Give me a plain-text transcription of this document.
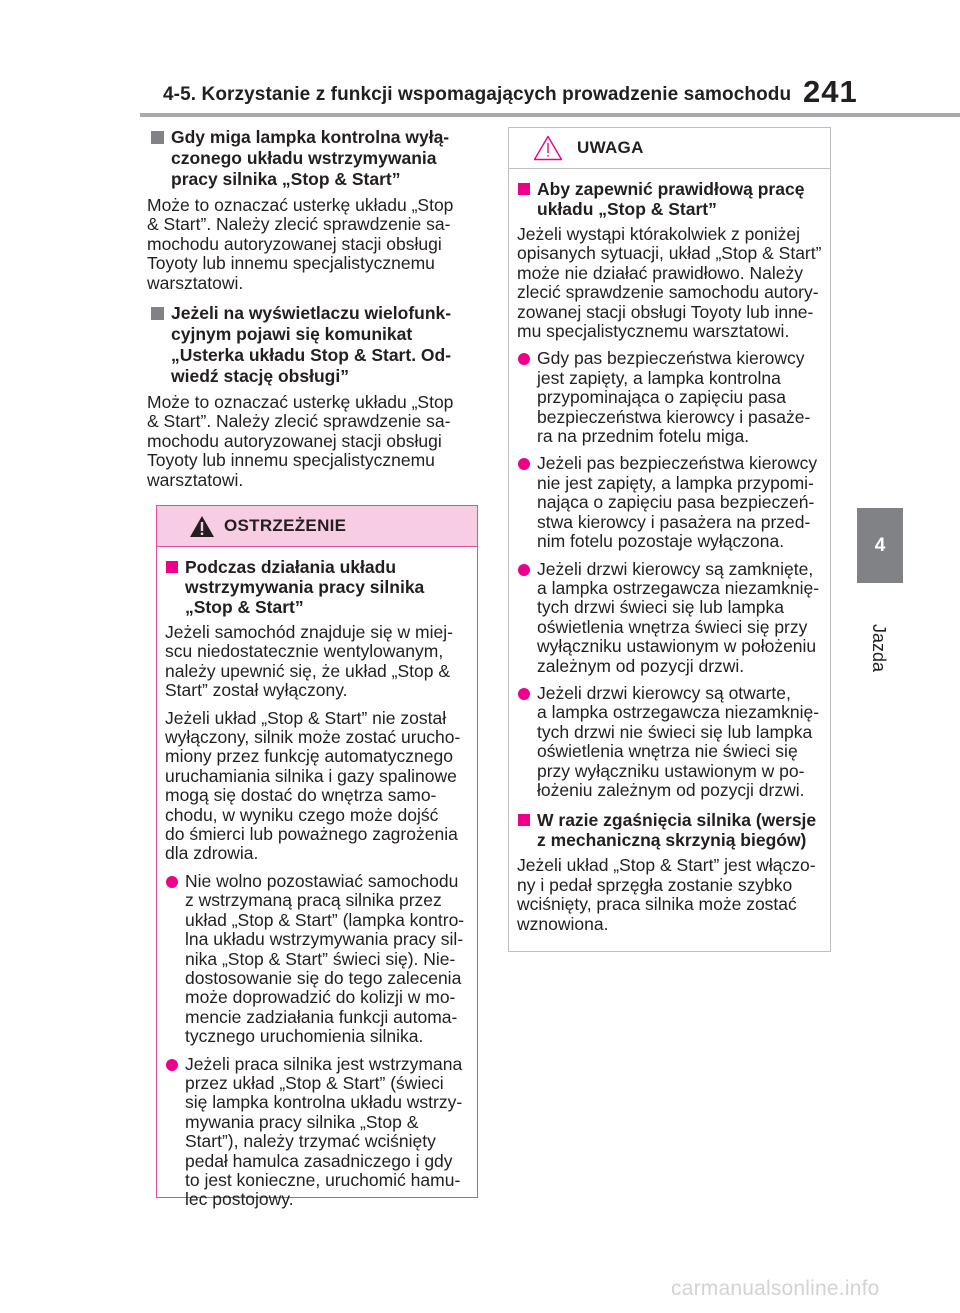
4-5. Korzystanie z funkcji wspomagających prowadzenie samochodu 241
4
Jazda
Gdy miga lampka kontrolna wyłą-
czonego układu wstrzymywania
pracy silnika „Stop & Start”

Może to oznaczać usterkę układu „Stop
& Start”. Należy zlecić sprawdzenie sa-
mochodu autoryzowanej stacji obsługi
Toyoty lub innemu specjalistycznemu
warsztatowi.

Jeżeli na wyświetlaczu wielofunk-
cyjnym pojawi się komunikat
„Usterka układu Stop & Start. Od-
wiedź stację obsługi”

Może to oznaczać usterkę układu „Stop
& Start”. Należy zlecić sprawdzenie sa-
mochodu autoryzowanej stacji obsługi
Toyoty lub innemu specjalistycznemu
warsztatowi.

OSTRZEŻENIE
Podczas działania układu
wstrzymywania pracy silnika
„Stop & Start”

Jeżeli samochód znajduje się w miej-
scu niedostatecznie wentylowanym,
należy upewnić się, że układ „Stop &
Start” został wyłączony.

Jeżeli układ „Stop & Start” nie został
wyłączony, silnik może zostać urucho-
miony przez funkcję automatycznego
uruchamiania silnika i gazy spalinowe
mogą się dostać do wnętrza samo-
chodu, w wyniku czego może dojść
do śmierci lub poważnego zagrożenia
dla zdrowia.

Nie wolno pozostawiać samochodu
z wstrzymaną pracą silnika przez
układ „Stop & Start” (lampka kontro-
lna układu wstrzymywania pracy sil-
nika „Stop & Start” świeci się). Nie-
dostosowanie się do tego zalecenia
może doprowadzić do kolizji w mo-
mencie zadziałania funkcji automa-
tycznego uruchomienia silnika.
Jeżeli praca silnika jest wstrzymana
przez układ „Stop & Start” (świeci
się lampka kontrolna układu wstrzy-
mywania pracy silnika „Stop &
Start”), należy trzymać wciśnięty
pedał hamulca zasadniczego i gdy
to jest konieczne, uruchomić hamu-
lec postojowy.
UWAGA
Aby zapewnić prawidłową pracę
układu „Stop & Start”

Jeżeli wystąpi którakolwiek z poniżej
opisanych sytuacji, układ „Stop & Start”
może nie działać prawidłowo. Należy
zlecić sprawdzenie samochodu autory-
zowanej stacji obsługi Toyoty lub inne-
mu specjalistycznemu warsztatowi.

Gdy pas bezpieczeństwa kierowcy
jest zapięty, a lampka kontrolna
przypominająca o zapięciu pasa
bezpieczeństwa kierowcy i pasaże-
ra na przednim fotelu miga.
Jeżeli pas bezpieczeństwa kierowcy
nie jest zapięty, a lampka przypomi-
nająca o zapięciu pasa bezpieczeń-
stwa kierowcy i pasażera na przed-
nim fotelu pozostaje wyłączona.
Jeżeli drzwi kierowcy są zamknięte,
a lampka ostrzegawcza niezamknię-
tych drzwi świeci się lub lampka
oświetlenia wnętrza świeci się przy
wyłączniku ustawionym w położeniu
zależnym od pozycji drzwi.
Jeżeli drzwi kierowcy są otwarte,
a lampka ostrzegawcza niezamknię-
tych drzwi nie świeci się lub lampka
oświetlenia wnętrza nie świeci się
przy wyłączniku ustawionym w po-
łożeniu zależnym od pozycji drzwi.
W razie zgaśnięcia silnika (wersje
z mechaniczną skrzynią biegów)

Jeżeli układ „Stop & Start” jest włączo-
ny i pedał sprzęgła zostanie szybko
wciśnięty, praca silnika może zostać
wznowiona.

carmanualsonline.info
